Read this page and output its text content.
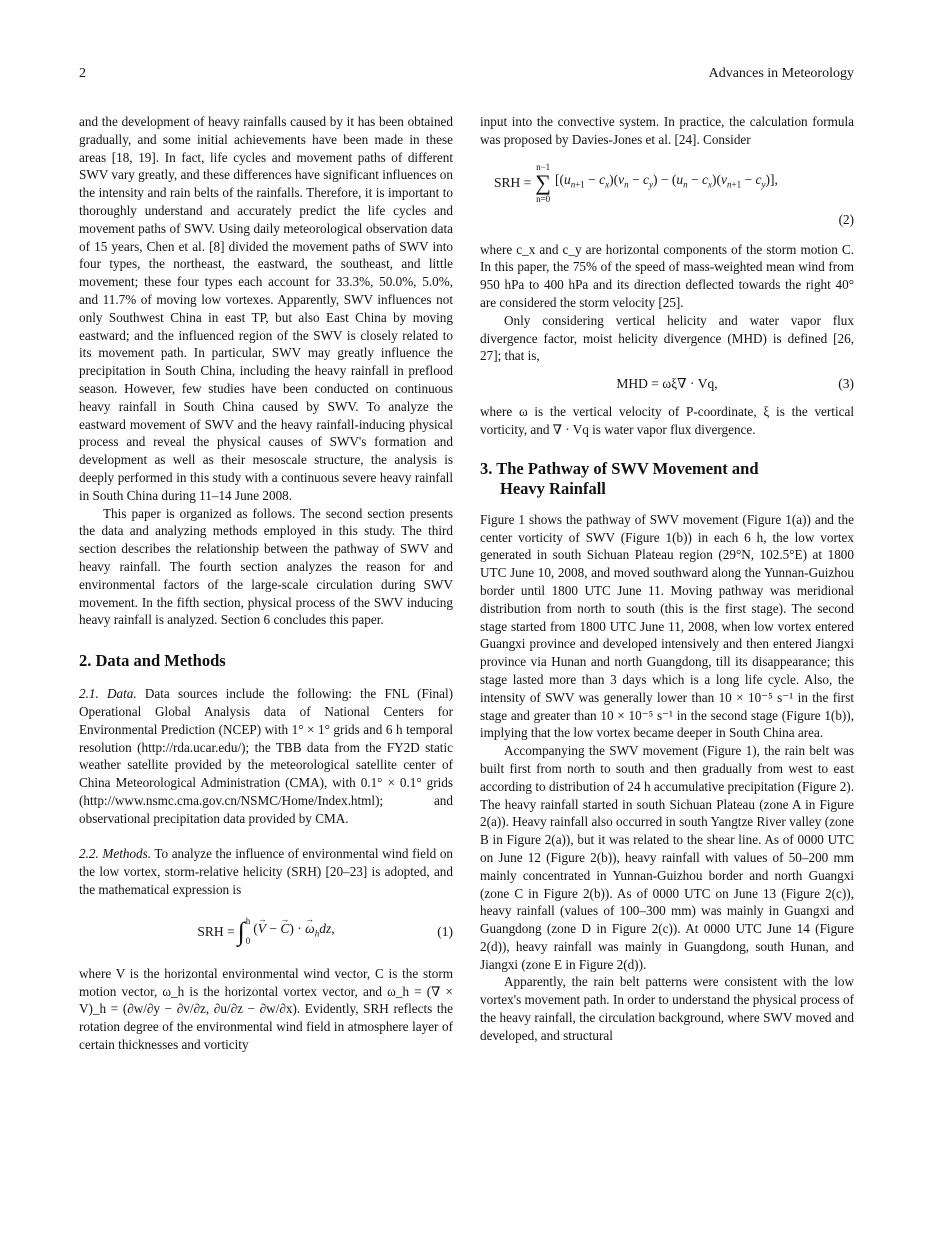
2	Advances in Meteorology

and the development of heavy rainfalls caused by it has been obtained gradually, and some initial achievements have been made in these areas [18, 19]. In fact, life cycles and movement paths of different SWV vary greatly, and these differences have significant influences on the intensity and rain belts of the rainfalls. Therefore, it is important to thoroughly understand and accurately predict the life cycles and movement paths of SWV. Using daily meteorological observation data of 15 years, Chen et al. [8] divided the movement paths of SWV into four types, the northeast, the eastward, the southeast, and little movement; these four types each account for 33.3%, 50.0%, 5.0%, and 11.7% of moving low vortexes. Apparently, SWV influences not only Southwest China in east TP, but also East China by moving eastward; and the influenced region of the SWV is closely related to its movement path. In particular, SWV may greatly influence the precipitation in South China, including the heavy rainfall in preflood season. However, few studies have been conducted on continuous heavy rainfall in South China caused by SWV. To analyze the eastward movement of SWV and the heavy rainfall-inducing physical process and reveal the physical causes of SWV's formation and development as well as their mesoscale structure, the analysis is deeply performed in this study with a continuous severe heavy rainfall in South China during 11–14 June 2008.

This paper is organized as follows. The second section presents the data and analyzing methods employed in this study. The third section describes the relationship between the pathway of SWV and heavy rainfall. The fourth section analyzes the reason for and environmental factors of the large-scale circulation during SWV movement. In the fifth section, physical process of the SWV inducing heavy rainfall is analyzed. Section 6 concludes this paper.

2. Data and Methods

2.1. Data. Data sources include the following: the FNL (Final) Operational Global Analysis data of National Centers for Environmental Prediction (NCEP) with 1° × 1° grids and 6 h temporal resolution (http://rda.ucar.edu/); the TBB data from the FY2D static weather satellite provided by the meteorological satellite center of China Meteorological Administration (CMA), with 0.1° × 0.1° grids (http://www.nsmc.cma.gov.cn/NSMC/Home/Index.html); and observational precipitation data provided by CMA.

2.2. Methods. To analyze the influence of environmental wind field on the low vortex, storm-relative helicity (SRH) [20–23] is adopted, and the mathematical expression is

SRH = ∫ h
0
(→ V − → C) · → $\omega_hdz$,	(1)

where V is the horizontal environmental wind vector, C is the storm motion vector, ω_h is the horizontal vortex vector, and ω_h = (∇ × V)_h = (∂w/∂y − ∂v/∂z, ∂u/∂z − ∂w/∂x). Evidently, SRH reflects the rotation degree of the environmental wind field in atmosphere layer of certain thicknesses and vorticity

input into the convective system. In practice, the calculation formula was proposed by Davies-Jones et al. [24]. Consider

SRH =
n−1
∑
n=0
$[(u_{n+1} - c_x)(v_n - c_y) - (u_n - c_x)(v_{n+1} - c_y)]$,
(2)

where c_x and c_y are horizontal components of the storm motion C. In this paper, the 75% of the speed of mass-weighted mean wind from 950 hPa to 400 hPa and its direction deflected towards the right 40° are considered the storm velocity [25].

Only considering vertical helicity and water vapor flux divergence factor, moist helicity divergence (MHD) is defined [26, 27]; that is,

MHD = ωξ∇ · Vq,	(3)

where ω is the vertical velocity of P-coordinate, ξ is the vertical vorticity, and ∇ · Vq is water vapor flux divergence.

3. The Pathway of SWV Movement and
Heavy Rainfall

Figure 1 shows the pathway of SWV movement (Figure 1(a)) and the center vorticity of SWV (Figure 1(b)) in each 6 h, the low vortex generated in south Sichuan Plateau region (29°N, 102.5°E) at 1800 UTC June 10, 2008, and moved southward along the Yunnan-Guizhou border until 1800 UTC June 11. Moving pathway was meridional distribution from north to south (this is the first stage). The second stage started from 1800 UTC June 11, 2008, when low vortex entered Guangxi province and developed intensively and then entered Jiangxi province via Hunan and north Guangdong, till its disappearance; this stage lasted more than 3 days which is a long life cycle. Also, the intensity of SWV was generally lower than 10 × 10⁻⁵ s⁻¹ in the first stage and greater than 10 × 10⁻⁵ s⁻¹ in the second stage (Figure 1(b)), implying that the low vortex became deeper in South China area.

Accompanying the SWV movement (Figure 1), the rain belt was built first from north to south and then gradually from west to east according to distribution of 24 h accumulative precipitation (Figure 2). The heavy rainfall started in south Sichuan Plateau (zone A in Figure 2(a)). Heavy rainfall also occurred in south Yangtze River valley (zone B in Figure 2(a)), but it was related to the shear line. As of 0000 UTC on June 12 (Figure 2(b)), heavy rainfall with values of 50–200 mm mainly concentrated in Yunnan-Guizhou border and north Guangxi (zone C in Figure 2(b)). As of 0000 UTC on June 13 (Figure 2(c)), heavy rainfall (values of 100–300 mm) was mainly in Guangxi and Guangdong (zone D in Figure 2(c)). At 0000 UTC June 14 (Figure 2(d)), heavy rainfall was mainly in Guangdong, south Hunan, and Jiangxi (zone E in Figure 2(d)).

Apparently, the rain belt patterns were consistent with the low vortex's movement path. In order to understand the physical process of the heavy rainfall, the circulation background, where SWV moved and developed, and structural
